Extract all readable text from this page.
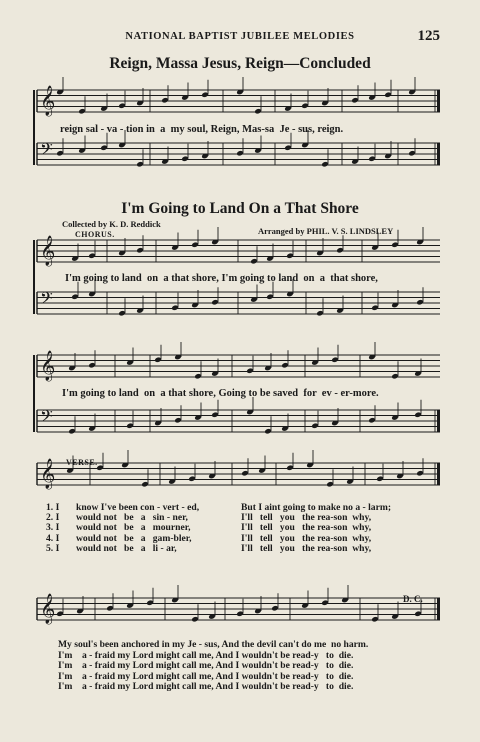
𝄞
𝄢
𝄞
𝄢
𝄞
𝄢
𝄞
𝄞
NATIONAL BAPTIST JUBILEE MELODIES	125
Reign, Massa Jesus, Reign—Concluded
reign sal - va - tion in  a  my soul, Reign, Mas-sa  Je - sus, reign.
I'm Going to Land On a That Shore
Collected by K. D. Reddick
Arranged by PHIL. V. S. LINDSLEY
CHORUS.
I'm going to land  on  a that shore, I'm going to land  on  a  that shore,
I'm going to land  on  a that shore, Going to be saved  for  ev - er-more.
VERSE.
1. I	know I've been con - vert - ed,	But I aint going to make no a - larm;
2. I	would not   be   a   sin - ner,	I'll   tell   you   the rea-son  why,
3. I	would not   be   a   mourner,	I'll   tell   you   the rea-son  why,
4. I	would not   be   a   gam-bler,	I'll   tell   you   the rea-son  why,
5. I	would not   be   a   li - ar,	I'll   tell   you   the rea-son  why,
D. C.
My soul's been anchored in my Je - sus, And the devil can't do me  no harm.
I'm    a - fraid my Lord might call me, And I wouldn't be read-y   to  die.
I'm    a - fraid my Lord might call me, And I wouldn't be read-y   to  die.
I'm    a - fraid my Lord might call me, And I wouldn't be read-y   to  die.
I'm    a - fraid my Lord might call me, And I wouldn't be read-y   to  die.
